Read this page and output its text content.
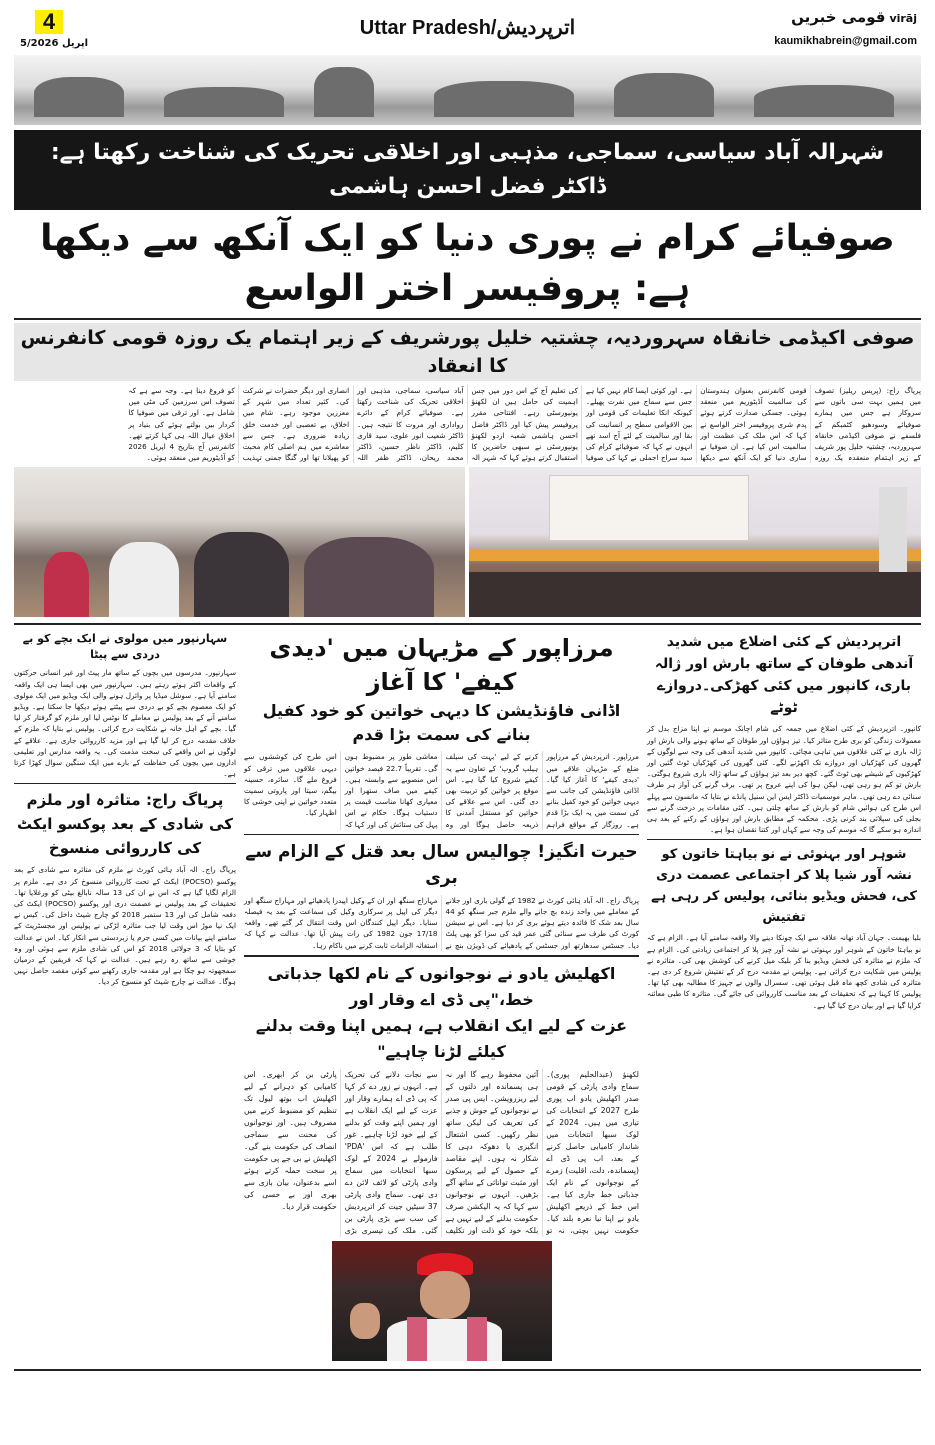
4
5/اپریل 2026
Uttar Pradesh/اترپردیش	virājقومی خبریں
kaumikhabrein@gmail.com
شہرالہ آباد سیاسی، سماجی، مذہبی اور اخلاقی تحریک کی شناخت رکھتا ہے: ڈاکٹر فضل احسن ہاشمی
صوفیائے کرام نے پوری دنیا کو ایک آنکھ سے دیکھا ہے: پروفیسر اختر الواسع
صوفی اکیڈمی خانقاہ سہروردیہ، چشتیہ خلیل پورشریف کے زیر اہتمام یک روزہ قومی کانفرنس کا انعقاد
پریاگ راج: (پریس ریلیز) تصوف میں ہمیں بہت سی باتوں سے سروکار ہے جس میں ہمارے صوفیائے وسودھیو کٹمبکم کے فلسفے نے صوفی اکیڈمی خانقاہ سہروردیہ، چشتیہ خلیل پور شریف کے زیر اہتمام منعقدہ یک روزہ قومی کانفرنس بعنوان ہندوستان کی سالمیت آڈیٹوریم میں منعقد ہوئی۔ جسکی صدارت کرتے ہوئے پدم شری پروفیسر اختر الواسع نے کہا کہ اس ملک کی عظمت اور سالمیت اس کیا ہے۔ ان صوفیا نے ساری دنیا کو ایک آنکھ سے دیکھا ہے۔ اور کوئی ایسا کام نہیں کیا ہے جس سے سماج میں نفرت پھیلے۔ کیونکہ انکا تعلیمات کی قومی اور بین الاقوامی سطح پر انسانیت کی بقا اور سالمیت کے لئے آج اسد تھے انہوں نے کہا کہ صوفیائے کرام کی سید سراج اجملی نے کہا کی صوفیا کی تعلیم آج کے اس دور میں جس اہمیت کی حامل ہیں ان لکھنؤ یونیورسٹی رہے۔ افتتاحی مقرر پروفیسر پیش کیا اور ڈاکٹر فاضل احسن ہاشمی شعبہ اردو لکھنؤ یونیورسٹی نے سبھی حاضرین کا استقبال کرتے ہوئے کہا کہ شہر الہ آباد سیاسی، سماجی، مذہبی اور اخلاقی تحریک کی شناخت رکھتا ہے۔ صوفیائے کرام کے دائرے رواداری اور مروت کا نتیجہ ہیں۔ ڈاکٹر شعیب انور علوی، سید قاری کلیم، ڈاکٹر ناظر حسین، ڈاکٹر محمد ریحان، ڈاکٹر ظفر اللہ انصاری اور دیگر حضرات نے شرکت کی۔ کثیر تعداد میں شہر کے معززین موجود رہے۔ شام میں اخلاق، بے تعصبی اور خدمت خلق زیادہ ضروری ہے۔ جس سے معاشرے میں ہم اصلی کام محبت کو پھیلانا تھا اور گنگا جمنی تہذیب کو فروغ دینا ہے۔ وجہ سے ہے کہ تصوف اس سرزمین کی مٹی میں شامل ہے۔ اور ترقی میں صوفیا کا کردار بیں بولتے ہوئے کی بنیاد پر اخلاق عیال اللہ ہی کہا کرتے تھے۔ کانفرنس آج بتاریخ 4 اپریل 2026 کو آڈیٹوریم میں منعقد ہوئی۔
سہارنپور میں مولوی نے ایک بچے کو بے دردی سے پیٹا
سہارنپور۔ مدرسوں میں بچوں کے ساتھ مار پیٹ اور غیر انسانی حرکتوں کے واقعات اکثر ہوتے رہتے ہیں۔ سہارنپور میں بھی ایسا ہی ایک واقعہ سامنے آیا ہے۔ سوشل میڈیا پر وائرل ہونے والی ایک ویڈیو میں ایک مولوی کو ایک معصوم بچے کو بے دردی سے پیٹتے ہوئے دیکھا جا سکتا ہے۔ ویڈیو سامنے آنے کے بعد پولیس نے معاملے کا نوٹس لیا اور ملزم کو گرفتار کر لیا گیا۔ بچے کے اہل خانہ نے شکایت درج کرائی۔ پولیس نے بتایا کہ ملزم کے خلاف مقدمہ درج کر لیا گیا ہے اور مزید کارروائی جاری ہے۔ علاقے کے لوگوں نے اس واقعے کی سخت مذمت کی۔ یہ واقعہ مدارس اور تعلیمی اداروں میں بچوں کی حفاظت کے بارے میں ایک سنگین سوال کھڑا کرتا ہے۔
پریاگ راج: متاثرہ اور ملزم کی شادی کے بعد پوکسو ایکٹ کی کارروائی منسوخ
پریاگ راج۔ الہ آباد ہائی کورٹ نے ملزم کی متاثرہ سے شادی کے بعد پوکسو (POCSO) ایکٹ کے تحت کارروائی منسوخ کر دی ہے۔ ملزم پر الزام لگایا گیا ہے کہ اس نے ان کی 13 سالہ نابالغ بیٹی کو ورغلایا تھا۔ تحقیقات کے بعد پولیس نے عصمت دری اور پوکسو (POCSO) ایکٹ کی دفعہ شامل کی اور 13 ستمبر 2018 کو چارج شیٹ داخل کی۔ کیس نے ایک نیا موڑ اس وقت لیا جب متاثرہ لڑکی نے پولیس اور مجسٹریٹ کے سامنے اپنے بیانات میں کسی جرم یا زبردستی سے انکار کیا۔ اس نے عدالت کو بتایا کہ 3 جولائی 2018 کو اس کی شادی ملزم سے ہوئی اور وہ خوشی سے ساتھ رہ رہے ہیں۔ عدالت نے کہا کہ فریقین کے درمیان سمجھوتہ ہو چکا ہے اور مقدمہ جاری رکھنے سے کوئی مقصد حاصل نہیں ہوگا۔ عدالت نے چارج شیٹ کو منسوخ کر دیا۔
مرزاپور کے مڑیہان میں 'دیدی کیفے' کا آغاز
اڈانی فاؤنڈیشن کا دیہی خواتین کو خود کفیل بنانے کی سمت بڑا قدم
مرزاپور۔ اترپردیش کے مرزاپور ضلع کے مڑیہان علاقے میں 'دیدی کیفے' کا آغاز کیا گیا۔ اڈانی فاؤنڈیشن کی جانب سے دیہی خواتین کو خود کفیل بنانے کی سمت میں یہ ایک بڑا قدم ہے۔ روزگار کے مواقع فراہم کرنے کے لیے 'بہت کی سیلف ہیلپ گروپ' کے تعاون سے یہ کیفے شروع کیا گیا ہے۔ اس موقع پر خواتین کو تربیت بھی دی گئی۔ اس سے علاقے کی خواتین کو مستقل آمدنی کا ذریعہ حاصل ہوگا اور وہ معاشی طور پر مضبوط ہوں گی۔ تقریباً 22.7 فیصد خواتین اس منصوبے سے وابستہ ہیں۔ کیفے میں صاف ستھرا اور معیاری کھانا مناسب قیمت پر دستیاب ہوگا۔ حکام نے اس پہل کی ستائش کی اور کہا کہ اس طرح کی کوششوں سے دیہی علاقوں میں ترقی کو فروغ ملے گا۔ سائرہ، حسینہ بیگم، سیتا اور پاروتی سمیت متعدد خواتین نے اپنی خوشی کا اظہار کیا۔
حیرت انگیز! چوالیس سال بعد قتل کے الزام سے بری
پریاگ راج۔ الہ آباد ہائی کورٹ نے 1982 کے گولی باری اور جلانے کے معاملے میں واحد زندہ بچ جانے والے ملزم جبر سنگھ کو 44 سال بعد شک کا فائدہ دیتے ہوئے بری کر دیا ہے۔ اس نے سیشن کورٹ کی طرف سے سنائی گئی عمر قید کی سزا کو بھی پلٹ دیا۔ جسٹس سدھارتھ اور جسٹس کے پادھیائے کی ڈویژن بنچ نے مہاراج سنگھ اور ان کے وکیل اپیدرا پادھیائے اور مہاراج سنگھ اور دیگر کی اپیل پر سرکاری وکیل کی سماعت کے بعد یہ فیصلہ سنایا۔ دیگر اپیل کنندگان اس وقت انتقال کر گئے تھے۔ واقعہ 17/18 جون 1982 کی رات پیش آیا تھا۔ عدالت نے کہا کہ استغاثہ الزامات ثابت کرنے میں ناکام رہا۔
اکھلیش یادو نے نوجوانوں کے نام لکھا جذباتی خط،"پی ڈی اے وقار اور
عزت کے لیے ایک انقلاب ہے، ہمیں اپنا وقت بدلنے کیلئے لڑنا چاہیے"
لکھنؤ (عبدالحلیم پوری)۔ سماج وادی پارٹی کے قومی صدر اکھلیش یادو اب پوری طرح 2027 کے انتخابات کی تیاری میں ہیں۔ 2024 کے لوک سبھا انتخابات میں شاندار کامیابی حاصل کرنے کے بعد، اب پی ڈی اے (پسماندہ، دلت، اقلیت) زمرے کے نوجوانوں کے نام ایک جذباتی خط جاری کیا ہے۔ اس خط کے ذریعے اکھلیش یادو نے اپنا نیا نعرہ بلند کیا۔ حکومت نہیں بچتی، نہ تو آئین محفوظ رہے گا اور نہ ہی پسماندہ اور دلتوں کے لیے ریزرویشن۔ ایس پی صدر نے نوجوانوں کے جوش و جذبے کی تعریف کی لیکن ساتھ نظر رکھیں۔ کسی اشتعال انگیزی یا دھوکہ دہی کا شکار نہ ہوں۔ اپنے مقاصد کے حصول کے لیے پرسکون اور مثبت توانائی کے ساتھ آگے بڑھیں۔ انہوں نے نوجوانوں سے کہا کہ یہ الیکشن صرف حکومت بدلنے کے لیے نہیں ہے بلکہ خود کو ذلت اور تکلیف سے نجات دلانے کی تحریک ہے۔ انہوں نے زور دے کر کہا کہ پی ڈی اے ہمارے وقار اور عزت کے لیے ایک انقلاب ہے اور ہمیں اپنے وقت کو بدلنے کے لیے خود لڑنا چاہیے۔ غور طلب ہے کہ اس 'PDA' فارمولے نے 2024 کے لوک سبھا انتخابات میں سماج وادی پارٹی کو لائف لائن دے دی تھی۔ سماج وادی پارٹی 37 سیٹیں جیت کر اترپردیش کی سب سے بڑی پارٹی بن گئی۔ ملک کی تیسری بڑی پارٹی بن کر ابھری۔ اس کامیابی کو دہرانے کے لیے اکھلیش اب بوتھ لیول تک تنظیم کو مضبوط کرنے میں مصروف ہیں۔ اور نوجوانوں کی محنت سے سماجی انصاف کی حکومت بنے گی۔ اکھلیش نے بی جے پی حکومت پر سخت حملہ کرتے ہوئے اسے بدعنوان، بیان بازی سے بھری اور بے حسی کی حکومت قرار دیا۔
اترپردیش کے کئی اضلاع میں شدید آندھی طوفان کے ساتھ بارش اور ژالہ باری، کانپور میں کئی کھڑکی۔دروازے ٹوٹے
کانپور۔ اترپردیش کے کئی اضلاع میں جمعہ کی شام اچانک موسم نے اپنا مزاج بدل کر معمولات زندگی کو بری طرح متاثر کیا۔ تیز ہواؤں اور طوفان کے ساتھ ہونے والی بارش اور ژالہ باری نے کئی علاقوں میں تباہی مچائی۔ کانپور میں شدید آندھی کی وجہ سے لوگوں کے گھروں کی کھڑکیاں اور دروازے تک اکھڑنے لگے۔ کئی گھروں کی کھڑکیاں ٹوٹ گئیں اور کھڑکیوں کے شیشے بھی ٹوٹ گئے۔ کچھ دیر بعد تیز ہواؤں کے ساتھ ژالہ باری شروع ہوگئی۔ بارش تو کم ہو رہی تھی، لیکن ہوا کی اپنے عروج پر تھی۔ برف گرنے کی آواز ہر طرف سنائی دے رہی تھی۔ ماہر موسمیات ڈاکٹر ایس این سنیل پانڈے نے بتایا کہ مانسون سے پہلے اس طرح کی ہوائیں شام کو بارش کے ساتھ چلتی ہیں۔ کئی مقامات پر درخت گرنے سے بجلی کی سپلائی بند کرنی پڑی۔ محکمہ کے مطابق بارش اور ہواؤں کے رکنے کے بعد ہی اندازہ ہو سکے گا کہ موسم کی وجہ سے کہاں اور کتنا نقصان ہوا ہے۔
شوہر اور بہنوئی نے نو بیاہتا خاتون کو نشہ آور شیا پلا کر اجتماعی عصمت دری کی، فحش ویڈیو بنائی، پولیس کر رہی ہے تفتیش
بلیا بھیمت۔ جہان آباد تھانہ علاقہ سے ایک چونکا دینے والا واقعہ سامنے آیا ہے۔ الزام ہے کہ نو بیاہتا خاتون کے شوہر اور بہنوئی نے نشہ آور چیز پلا کر اجتماعی زیادتی کی۔ الزام ہے کہ ملزم نے متاثرہ کی فحش ویڈیو بنا کر بلیک میل کرنے کی کوشش بھی کی۔ متاثرہ نے پولیس میں شکایت درج کرائی ہے۔ پولیس نے مقدمہ درج کر کے تفتیش شروع کر دی ہے۔ متاثرہ کی شادی کچھ ماہ قبل ہوئی تھی۔ سسرال والوں نے جہیز کا مطالبہ بھی کیا تھا۔ پولیس کا کہنا ہے کہ تحقیقات کے بعد مناسب کارروائی کی جائے گی۔ متاثرہ کا طبی معائنہ کرایا گیا ہے اور بیان درج کیا گیا ہے۔
